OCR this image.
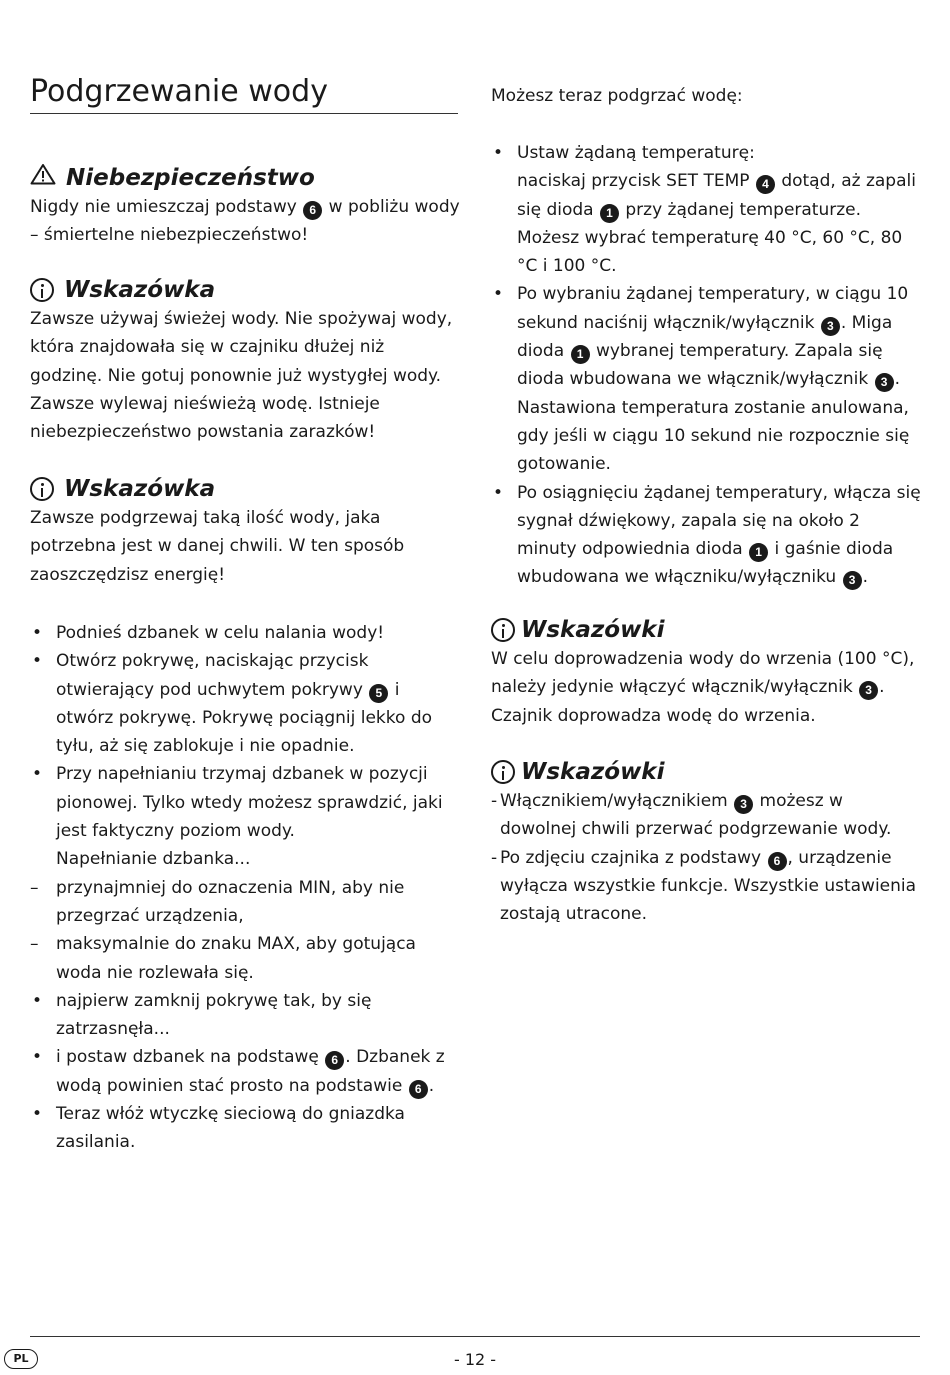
Podgrzewanie wody
Niebezpieczeństwo

Nigdy nie umieszczaj podstawy 6 w pobliżu wody – śmiertelne niebezpieczeństwo!

Wskazówka

Zawsze używaj świeżej wody. Nie spożywaj wody, która znajdowała się w czajniku dłużej niż godzinę. Nie gotuj ponownie już wystygłej wody. Zawsze wylewaj nieświeżą wodę. Istnieje niebezpieczeństwo powstania zarazków!

Wskazówka

Zawsze podgrzewaj taką ilość wody, jaka potrzebna jest w danej chwili. W ten sposób zaoszczędzisz energię!

• Podnieś dzbanek w celu nalania wody!
• Otwórz pokrywę, naciskając przycisk otwierający pod uchwytem pokrywy 5 i otwórz pokrywę. Pokrywę pociągnij lekko do tyłu, aż się zablokuje i nie opadnie.
• Przy napełnianiu trzymaj dzbanek w pozycji pionowej. Tylko wtedy możesz sprawdzić, jaki jest faktyczny poziom wody.
Napełnianie dzbanka...
– przynajmniej do oznaczenia MIN, aby nie przegrzać urządzenia,
– maksymalnie do znaku MAX, aby gotująca woda nie rozlewała się.
• najpierw zamknij pokrywę tak, by się zatrzasnęła...
• i postaw dzbanek na podstawę 6 . Dzbanek z wodą powinien stać prosto na podstawie 6 .
• Teraz włóż wtyczkę sieciową do gniazdka zasilania.

Możesz teraz podgrzać wodę:

• Ustaw żądaną temperaturę:
naciskaj przycisk SET TEMP 4 dotąd, aż zapali się dioda 1 przy żądanej temperaturze. Możesz wybrać temperaturę 40 °C, 60 °C, 80 °C i 100 °C.
• Po wybraniu żądanej temperatury, w ciągu 10 sekund naciśnij włącznik/wyłącznik 3 . Miga dioda 1 wybranej temperatury. Zapala się dioda wbudowana we włącznik/wyłącznik 3 . Nastawiona temperatura zostanie anulowana, gdy jeśli w ciągu 10 sekund nie rozpocznie się gotowanie.
• Po osiągnięciu żądanej temperatury, włącza się sygnał dźwiękowy, zapala się na około 2 minuty odpowiednia dioda 1 i gaśnie dioda wbudowana we włączniku/wyłączniku 3 .
Wskazówki

W celu doprowadzenia wody do wrzenia (100 °C), należy jedynie włączyć włącznik/wyłącznik 3 . Czajnik doprowadza wodę do wrzenia.

Wskazówki
- Włącznikiem/wyłącznikiem 3 możesz w dowolnej chwili przerwać podgrzewanie wody.
- Po zdjęciu czajnika z podstawy 6 , urządzenie wyłącza wszystkie funkcje. Wszystkie ustawienia zostają utracone.
PL	- 12 -
